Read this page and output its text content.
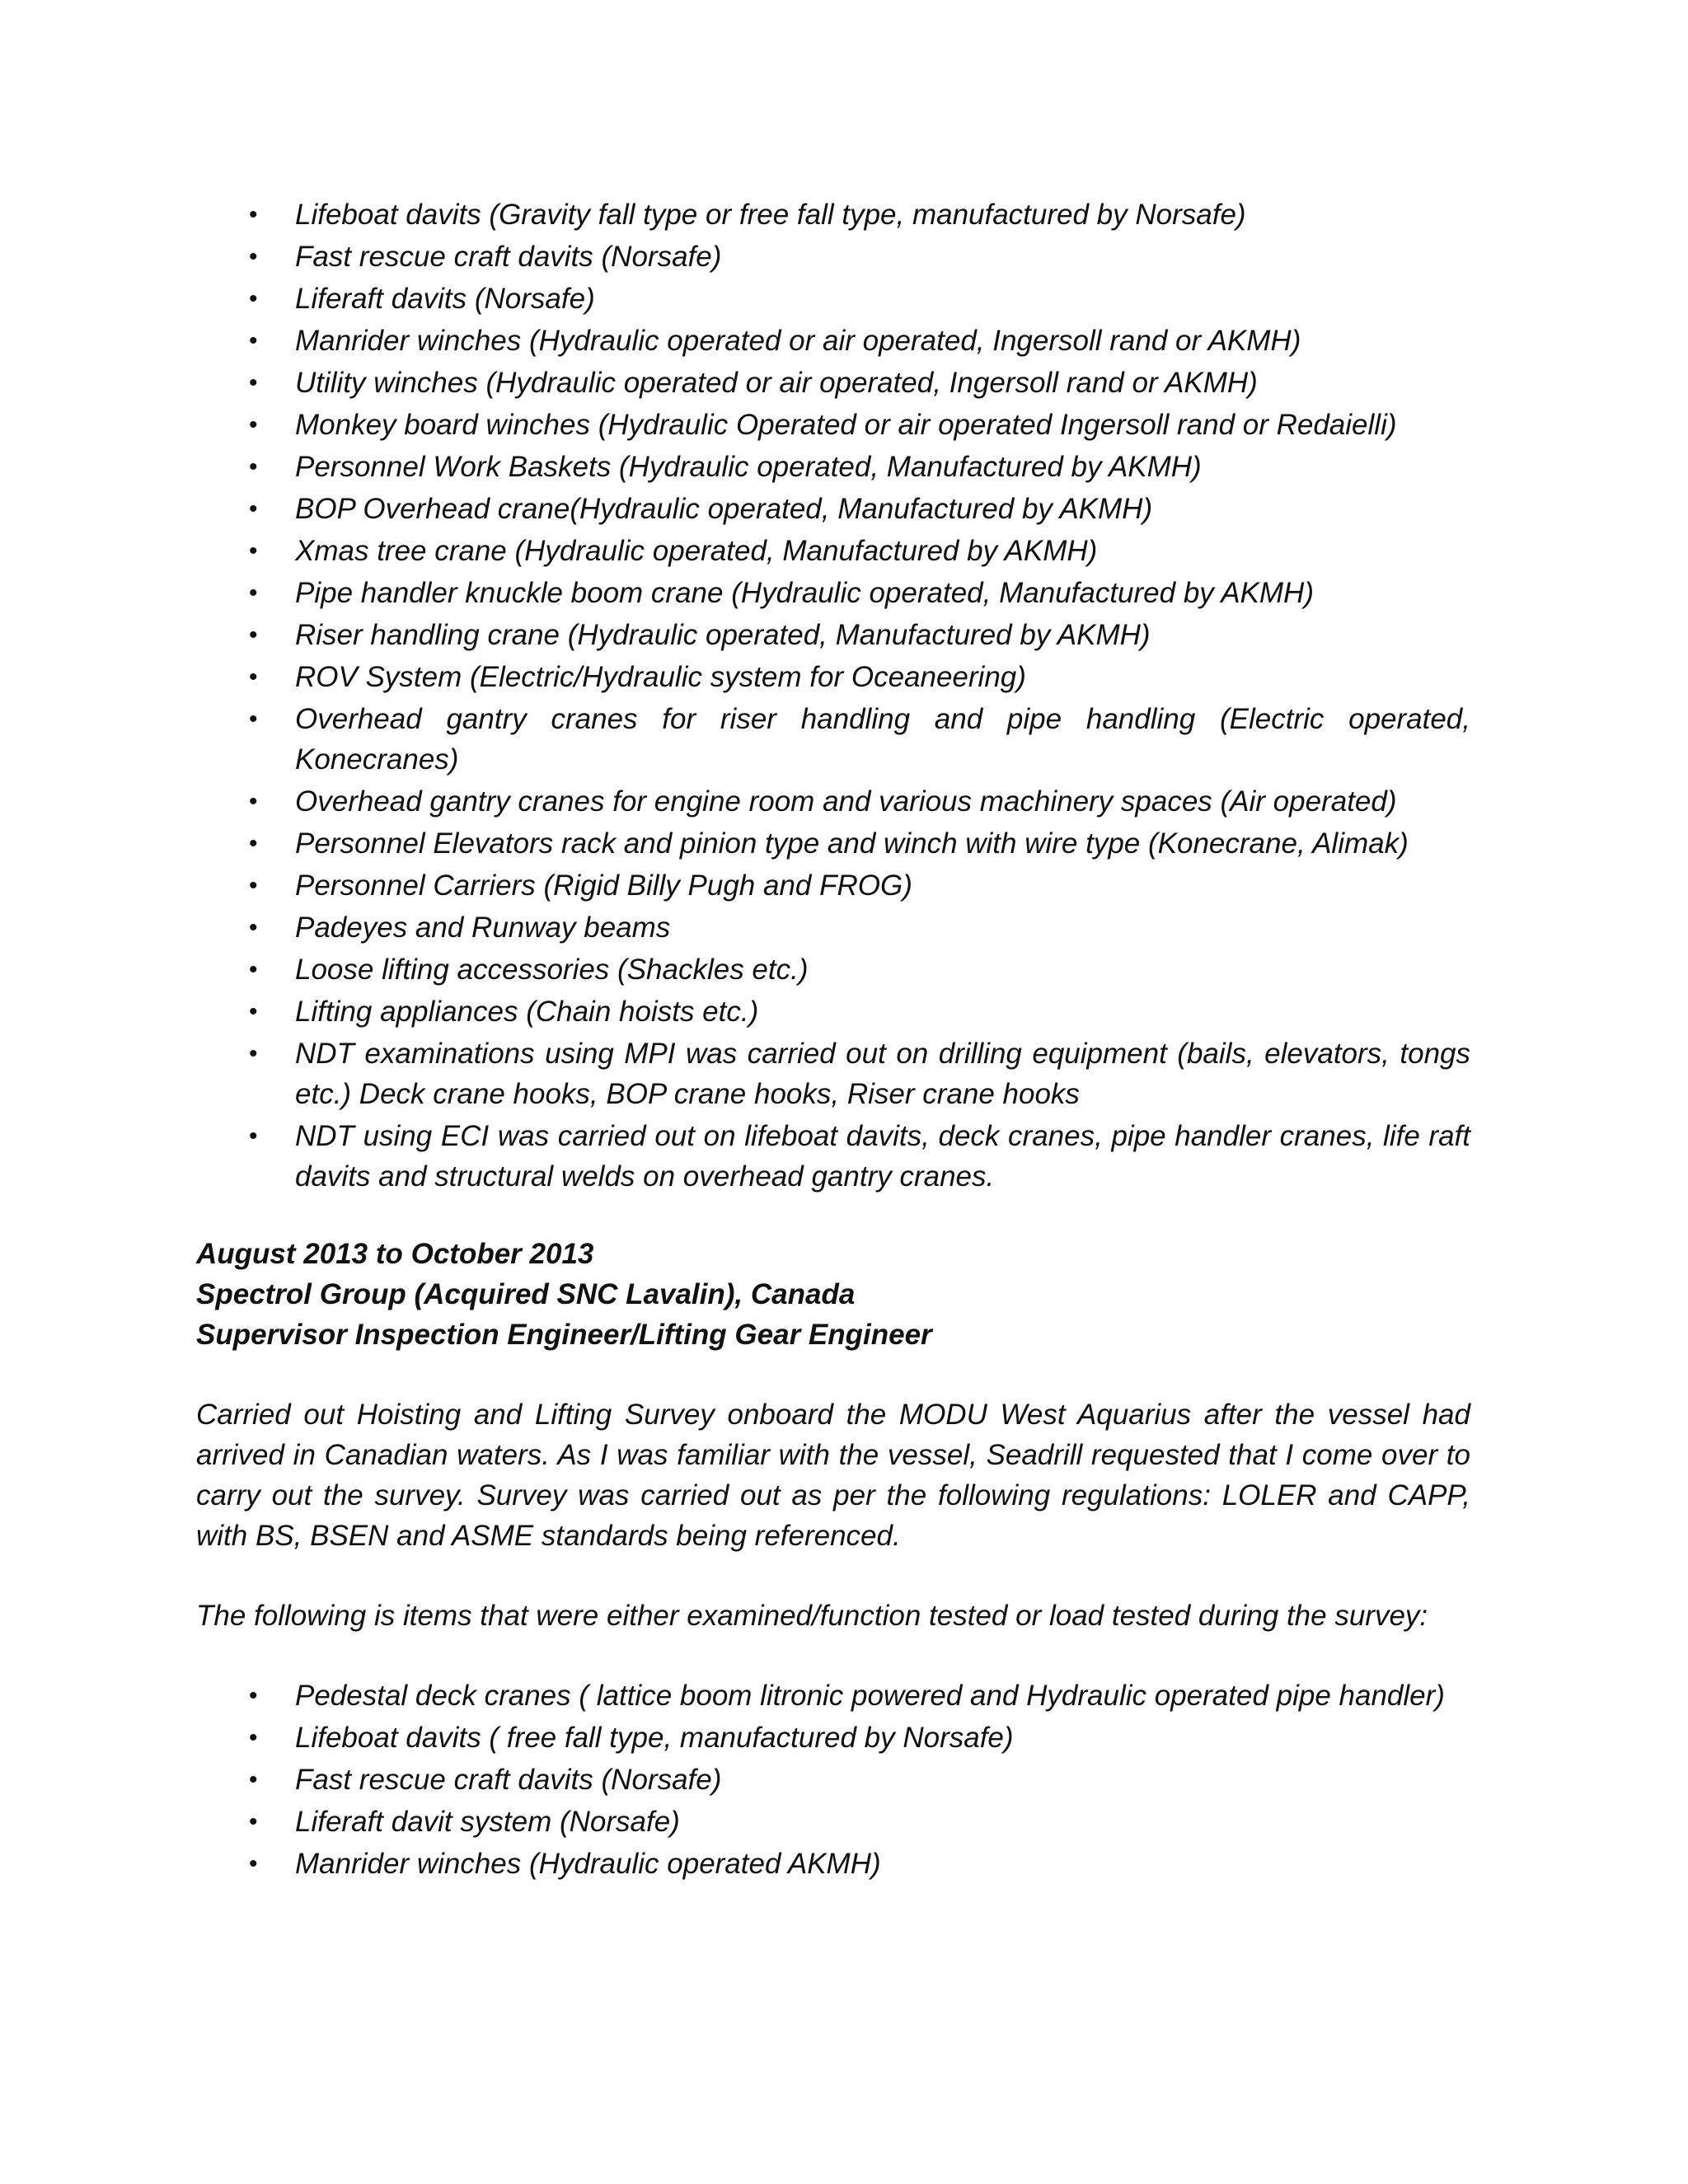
• Lifeboat davits (Gravity fall type or free fall type, manufactured by Norsafe)
• Fast rescue craft davits (Norsafe)
• Liferaft davits (Norsafe)
• Manrider winches (Hydraulic operated or air operated, Ingersoll rand or AKMH)
• Utility winches (Hydraulic operated or air operated, Ingersoll rand or AKMH)
• Monkey board winches (Hydraulic Operated or air operated Ingersoll rand or Redaielli)
• Personnel Work Baskets (Hydraulic operated, Manufactured by AKMH)
• BOP Overhead crane(Hydraulic operated, Manufactured by AKMH)
• Xmas tree crane (Hydraulic operated, Manufactured by AKMH)
• Pipe handler knuckle boom crane (Hydraulic operated, Manufactured by AKMH)
• Riser handling crane (Hydraulic operated, Manufactured by AKMH)
• ROV System (Electric/Hydraulic system for Oceaneering)
• Overhead gantry cranes for riser handling and pipe handling (Electric operated, Konecranes)
• Overhead gantry cranes for engine room and various machinery spaces (Air operated)
• Personnel Elevators rack and pinion type and winch with wire type (Konecrane, Alimak)
• Personnel Carriers (Rigid Billy Pugh and FROG)
• Padeyes and Runway beams
• Loose lifting accessories (Shackles etc.)
• Lifting appliances (Chain hoists etc.)
• NDT examinations using MPI was carried out on drilling equipment (bails, elevators, tongs etc.) Deck crane hooks, BOP crane hooks, Riser crane hooks
• NDT using ECI was carried out on lifeboat davits, deck cranes, pipe handler cranes, life raft davits and structural welds on overhead gantry cranes.
August 2013 to October 2013
Spectrol Group (Acquired SNC Lavalin), Canada
Supervisor Inspection Engineer/Lifting Gear Engineer
Carried out Hoisting and Lifting Survey onboard the MODU West Aquarius after the vessel had arrived in Canadian waters. As I was familiar with the vessel, Seadrill requested that I come over to carry out the survey. Survey was carried out as per the following regulations: LOLER and CAPP, with BS, BSEN and ASME standards being referenced.
The following is items that were either examined/function tested or load tested during the survey:
• Pedestal deck cranes ( lattice boom litronic powered and Hydraulic operated pipe handler)
• Lifeboat davits ( free fall type, manufactured by Norsafe)
• Fast rescue craft davits (Norsafe)
• Liferaft davit system (Norsafe)
• Manrider winches (Hydraulic operated AKMH)
